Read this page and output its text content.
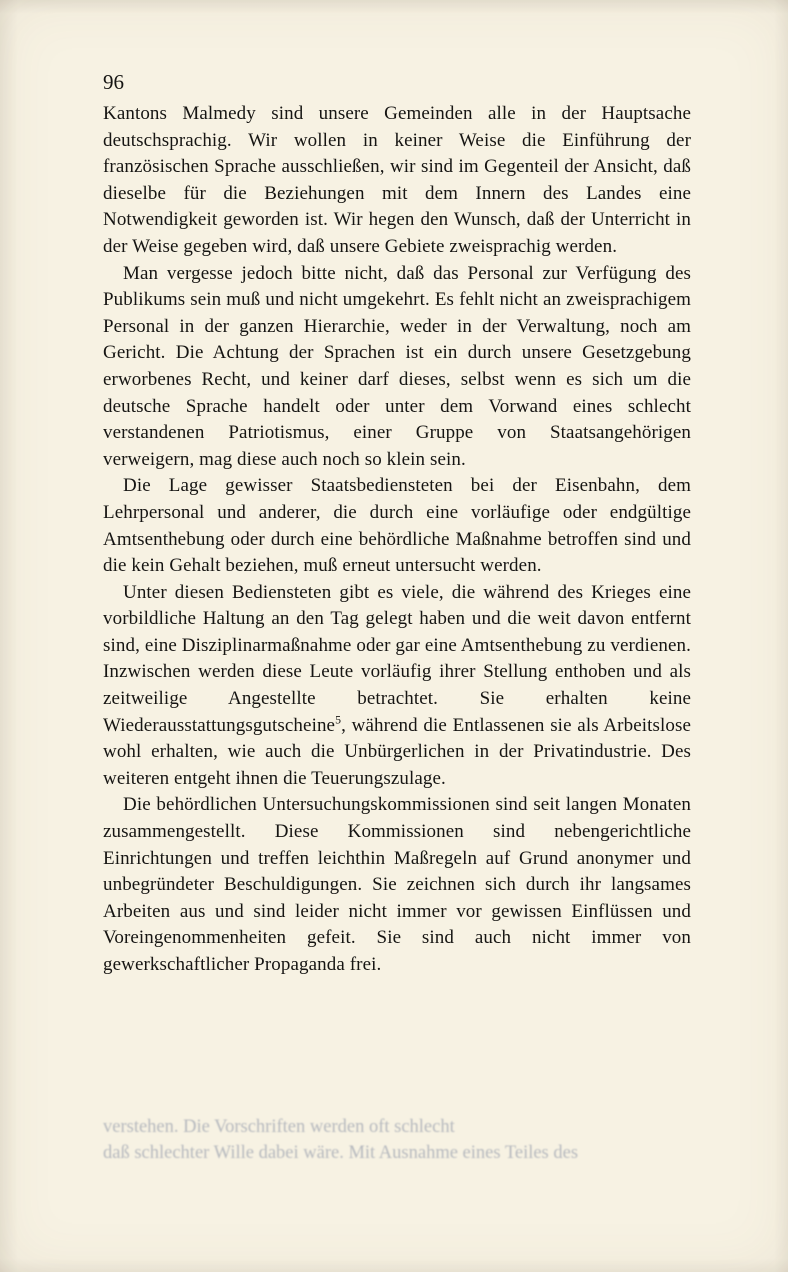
96

Kantons Malmedy sind unsere Gemeinden alle in der Hauptsache deutschsprachig. Wir wollen in keiner Weise die Einführung der französischen Sprache ausschließen, wir sind im Gegenteil der Ansicht, daß dieselbe für die Beziehungen mit dem Innern des Landes eine Notwendigkeit geworden ist. Wir hegen den Wunsch, daß der Unterricht in der Weise gegeben wird, daß unsere Gebiete zweisprachig werden.

Man vergesse jedoch bitte nicht, daß das Personal zur Verfügung des Publikums sein muß und nicht umgekehrt. Es fehlt nicht an zweisprachigem Personal in der ganzen Hierarchie, weder in der Verwaltung, noch am Gericht. Die Achtung der Sprachen ist ein durch unsere Gesetzgebung erworbenes Recht, und keiner darf dieses, selbst wenn es sich um die deutsche Sprache handelt oder unter dem Vorwand eines schlecht verstandenen Patriotismus, einer Gruppe von Staatsangehörigen verweigern, mag diese auch noch so klein sein.

Die Lage gewisser Staatsbediensteten bei der Eisenbahn, dem Lehrpersonal und anderer, die durch eine vorläufige oder endgültige Amtsenthebung oder durch eine behördliche Maßnahme betroffen sind und die kein Gehalt beziehen, muß erneut untersucht werden.

Unter diesen Bediensteten gibt es viele, die während des Krieges eine vorbildliche Haltung an den Tag gelegt haben und die weit davon entfernt sind, eine Disziplinarmaßnahme oder gar eine Amtsenthebung zu verdienen. Inzwischen werden diese Leute vorläufig ihrer Stellung enthoben und als zeitweilige Angestellte betrachtet. Sie erhalten keine Wiederausstattungsgutscheine$^5$, während die Entlassenen sie als Arbeitslose wohl erhalten, wie auch die Unbürgerlichen in der Privatindustrie. Des weiteren entgeht ihnen die Teuerungszulage.

Die behördlichen Untersuchungskommissionen sind seit langen Monaten zusammengestellt. Diese Kommissionen sind nebengerichtliche Einrichtungen und treffen leichthin Maßregeln auf Grund anonymer und unbegründeter Beschuldigungen. Sie zeichnen sich durch ihr langsames Arbeiten aus und sind leider nicht immer vor gewissen Einflüssen und Voreingenommenheiten gefeit. Sie sind auch nicht immer von gewerkschaftlicher Propaganda frei.

verstehen. Die Vorschriften werden oft schlecht
daß schlechter Wille dabei wäre. Mit Ausnahme eines Teiles des
